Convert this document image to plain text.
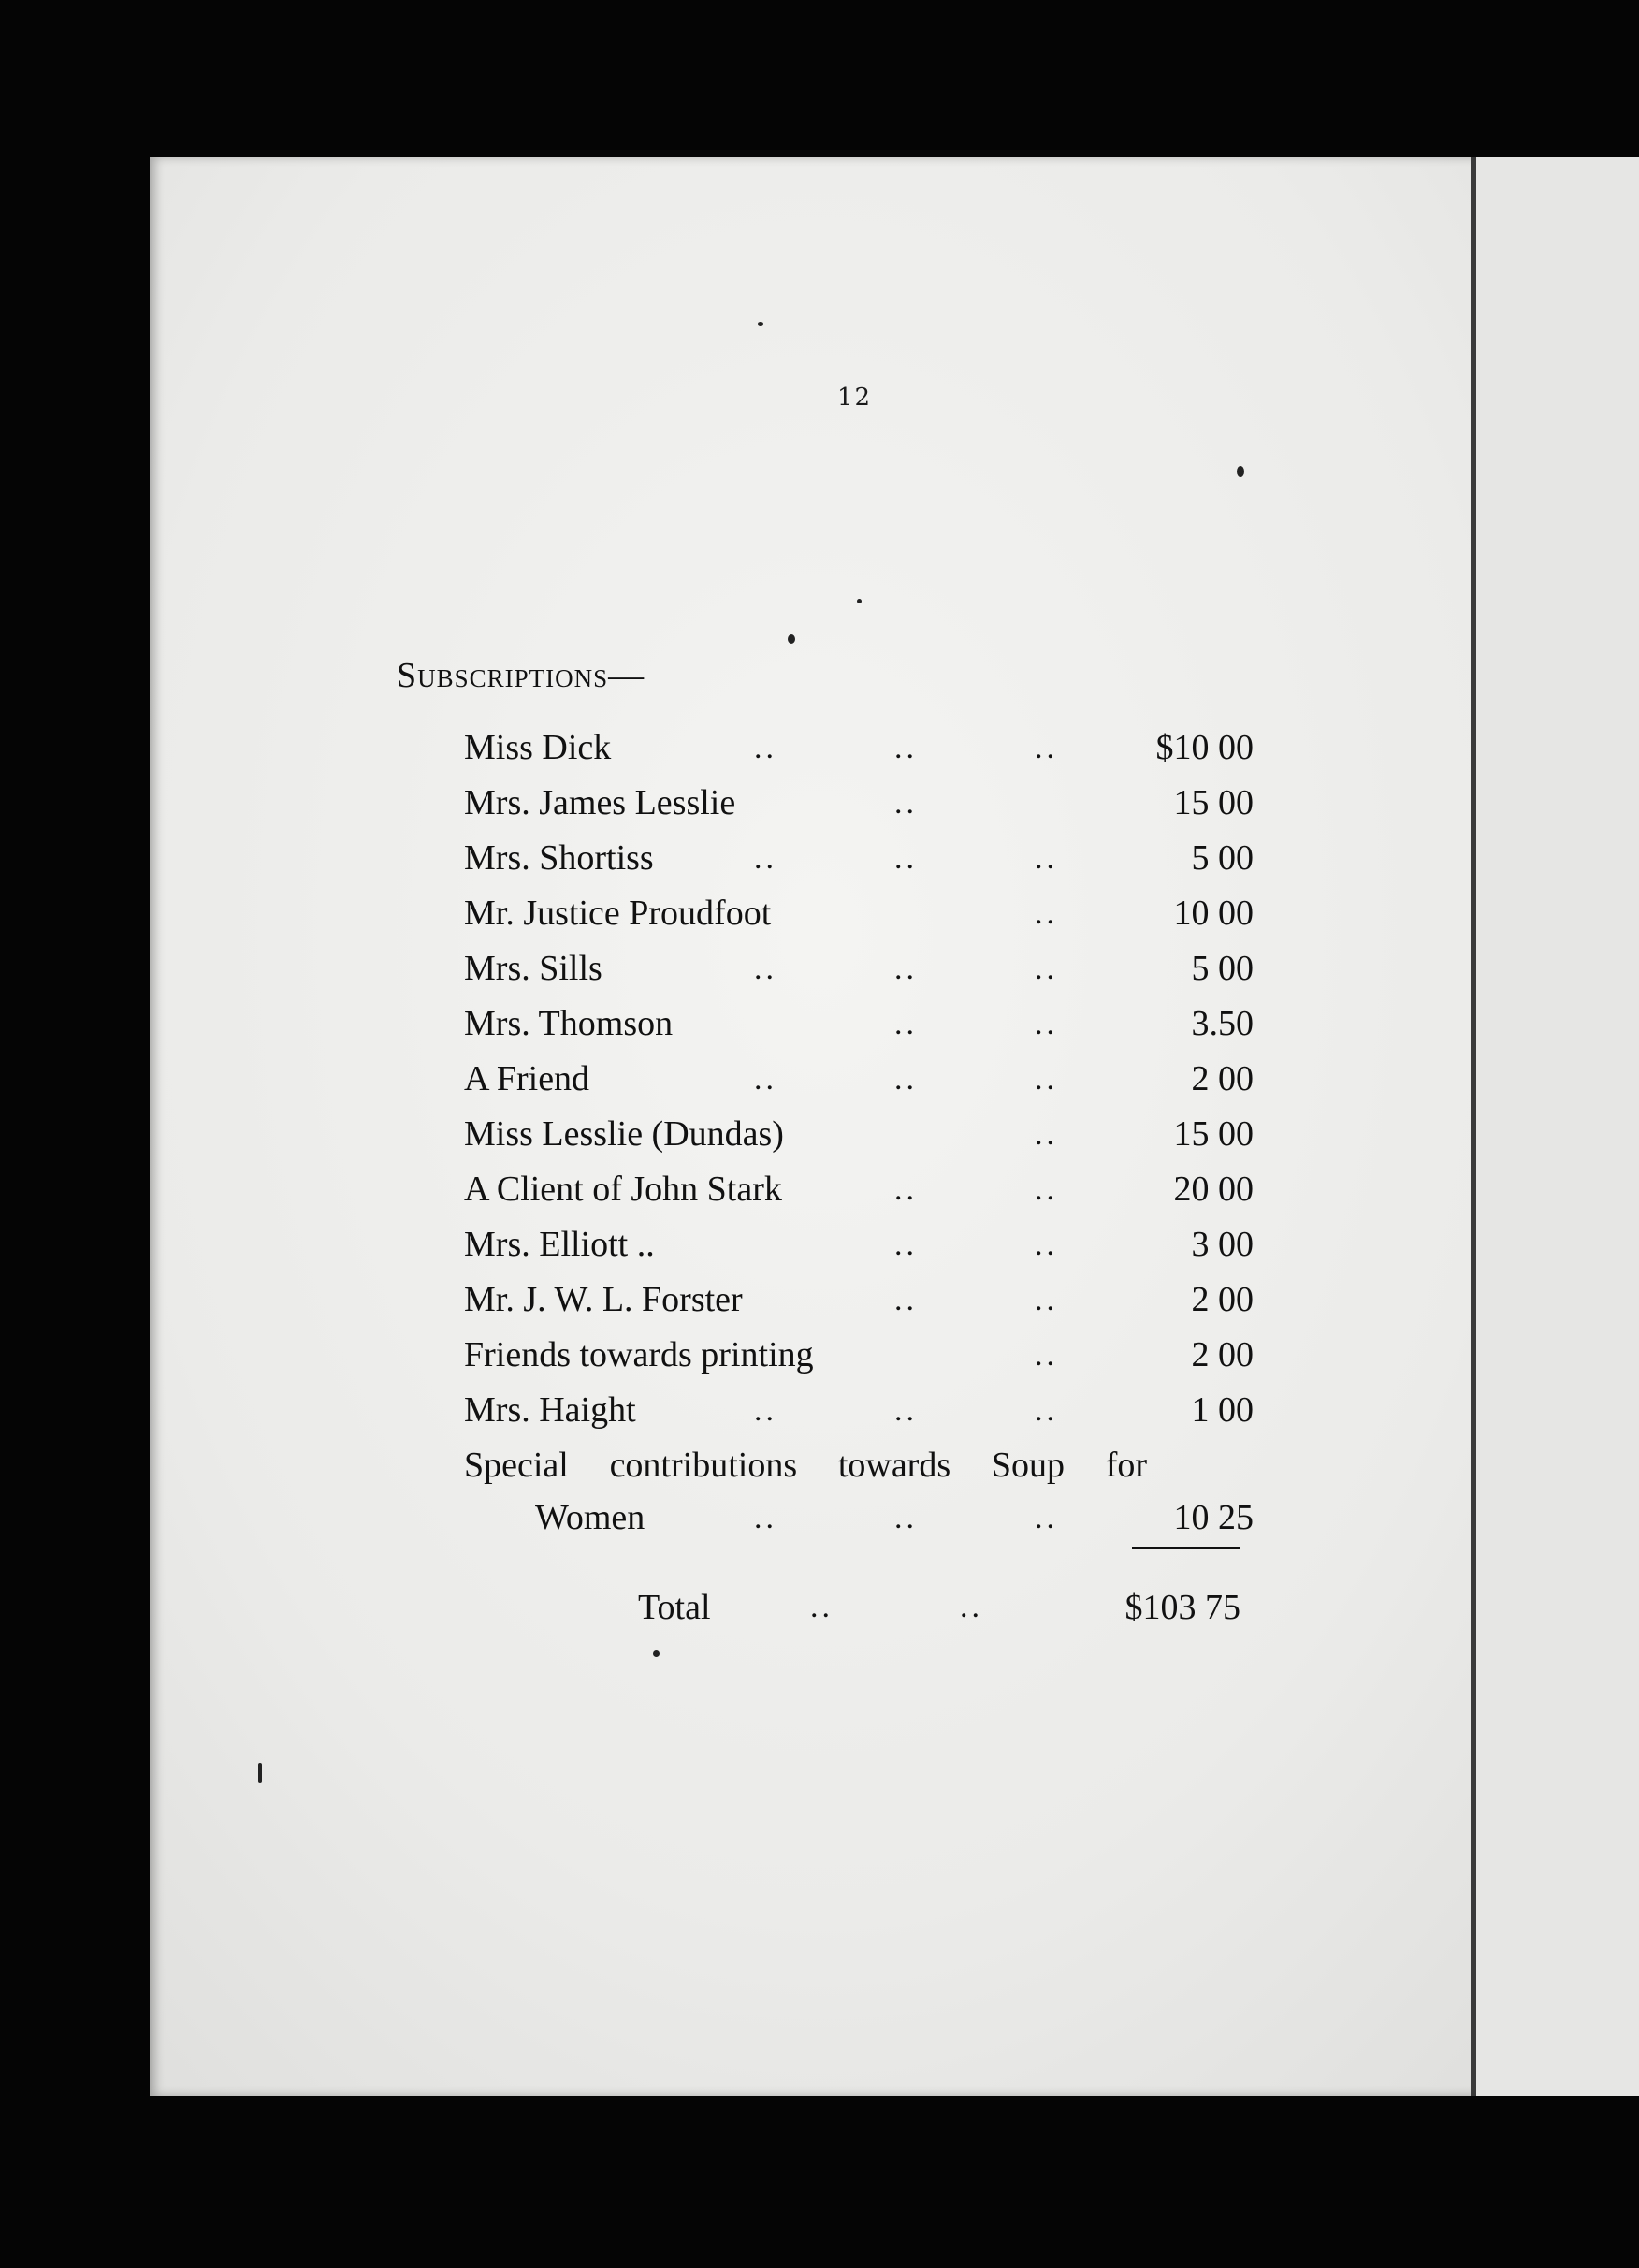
12
Subscriptions—
Miss Dick	..	..	..	$10 00
Mrs. James Lesslie	..	15 00
Mrs. Shortiss	..	..	..	5 00
Mr. Justice Proudfoot	..	10 00
Mrs. Sills	..	..	..	5 00
Mrs. Thomson	..	..	3.50
A Friend	..	..	..	2 00
Miss Lesslie (Dundas)	..	15 00
A Client of John Stark	..	..	20 00
Mrs. Elliott ..	..	..	3 00
Mr. J. W. L. Forster	..	..	2 00
Friends towards printing	..	2 00
Mrs. Haight	..	..	..	1 00
Special contributions towards Soup for
Women	..	..	..	10 25
Total	..	..	$103 75
